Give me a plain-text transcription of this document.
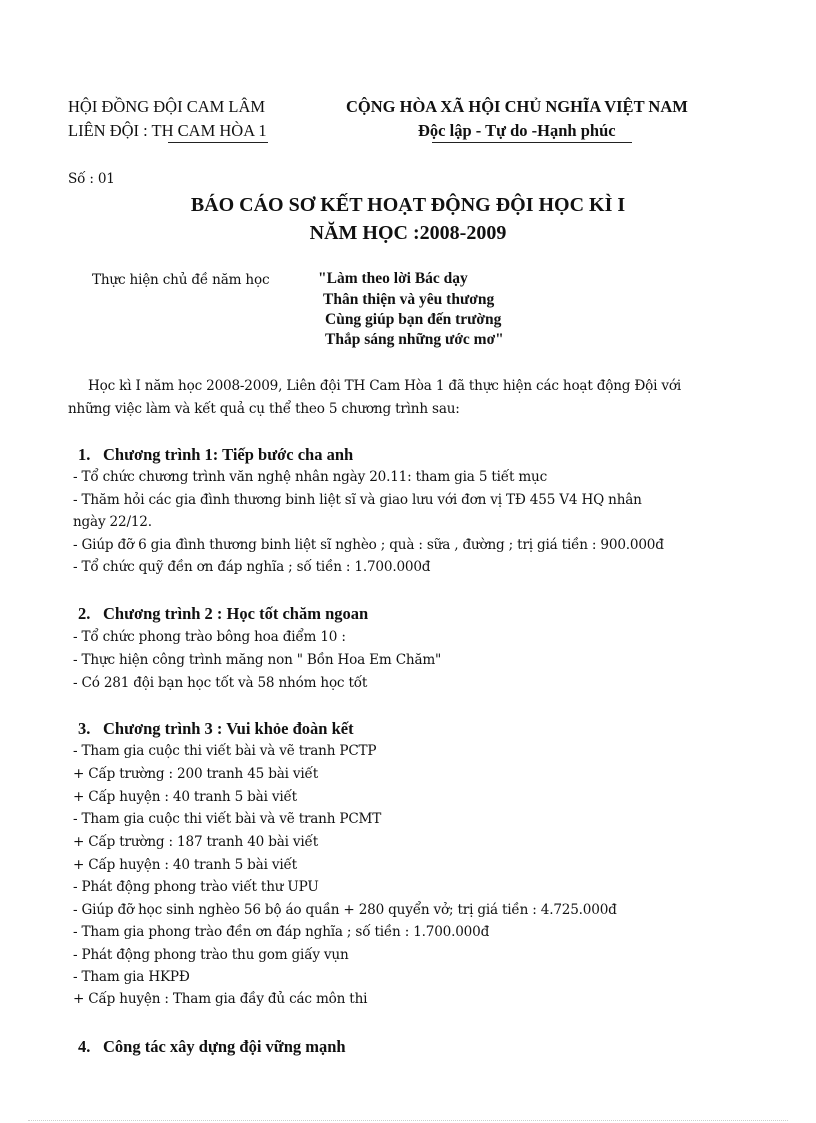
HỘI ĐỒNG ĐỘI CAM LÂM
LIÊN ĐỘI : TH CAM HÒA 1
CỘNG HÒA XÃ HỘI CHỦ NGHĨA VIỆT NAM
Độc lập - Tự do -Hạnh phúc
Số : 01
BÁO CÁO SƠ KẾT HOẠT ĐỘNG ĐỘI HỌC KÌ I
NĂM HỌC :2008-2009
Thực hiện chủ đề năm học	"Làm theo lời Bác dạy
Thân thiện và yêu thương
Cùng giúp bạn đến trường
Thắp sáng những ước mơ"
Học kì I năm học 2008-2009, Liên đội TH Cam Hòa 1 đã thực hiện các hoạt động Đội với
những việc làm và kết quả cụ thể theo 5 chương trình sau:
1. Chương trình 1: Tiếp bước cha anh
- Tổ chức chương trình văn nghệ nhân ngày 20.11: tham gia 5 tiết mục
- Thăm hỏi các gia đình thương binh liệt sĩ và giao lưu với đơn vị TĐ 455 V4 HQ nhân
ngày 22/12.
- Giúp đỡ 6 gia đình thương binh liệt sĩ nghèo ; quà : sữa , đường ; trị giá tiền : 900.000đ
- Tổ chức quỹ đền ơn đáp nghĩa ; số tiền : 1.700.000đ
2. Chương trình 2 : Học tốt chăm ngoan
- Tổ chức phong trào bông hoa điểm 10 :
- Thực hiện công trình măng non " Bồn Hoa Em Chăm"
- Có 281 đội bạn học tốt và 58 nhóm học tốt
3. Chương trình 3 : Vui khỏe đoàn kết
- Tham gia cuộc thi viết bài và vẽ tranh PCTP
+ Cấp trường : 200 tranh 45 bài viết
+ Cấp huyện : 40 tranh 5 bài viết
- Tham gia cuộc thi viết bài và vẽ tranh PCMT
+ Cấp trường : 187 tranh 40 bài viết
+ Cấp huyện : 40 tranh 5 bài viết
- Phát động phong trào viết thư UPU
- Giúp đỡ học sinh nghèo 56 bộ áo quần + 280 quyển vở; trị giá tiền : 4.725.000đ
- Tham gia phong trào đền ơn đáp nghĩa ; số tiền : 1.700.000đ
- Phát động phong trào thu gom giấy vụn
- Tham gia HKPĐ
+ Cấp huyện : Tham gia đầy đủ các môn thi
4. Công tác xây dựng đội vững mạnh
